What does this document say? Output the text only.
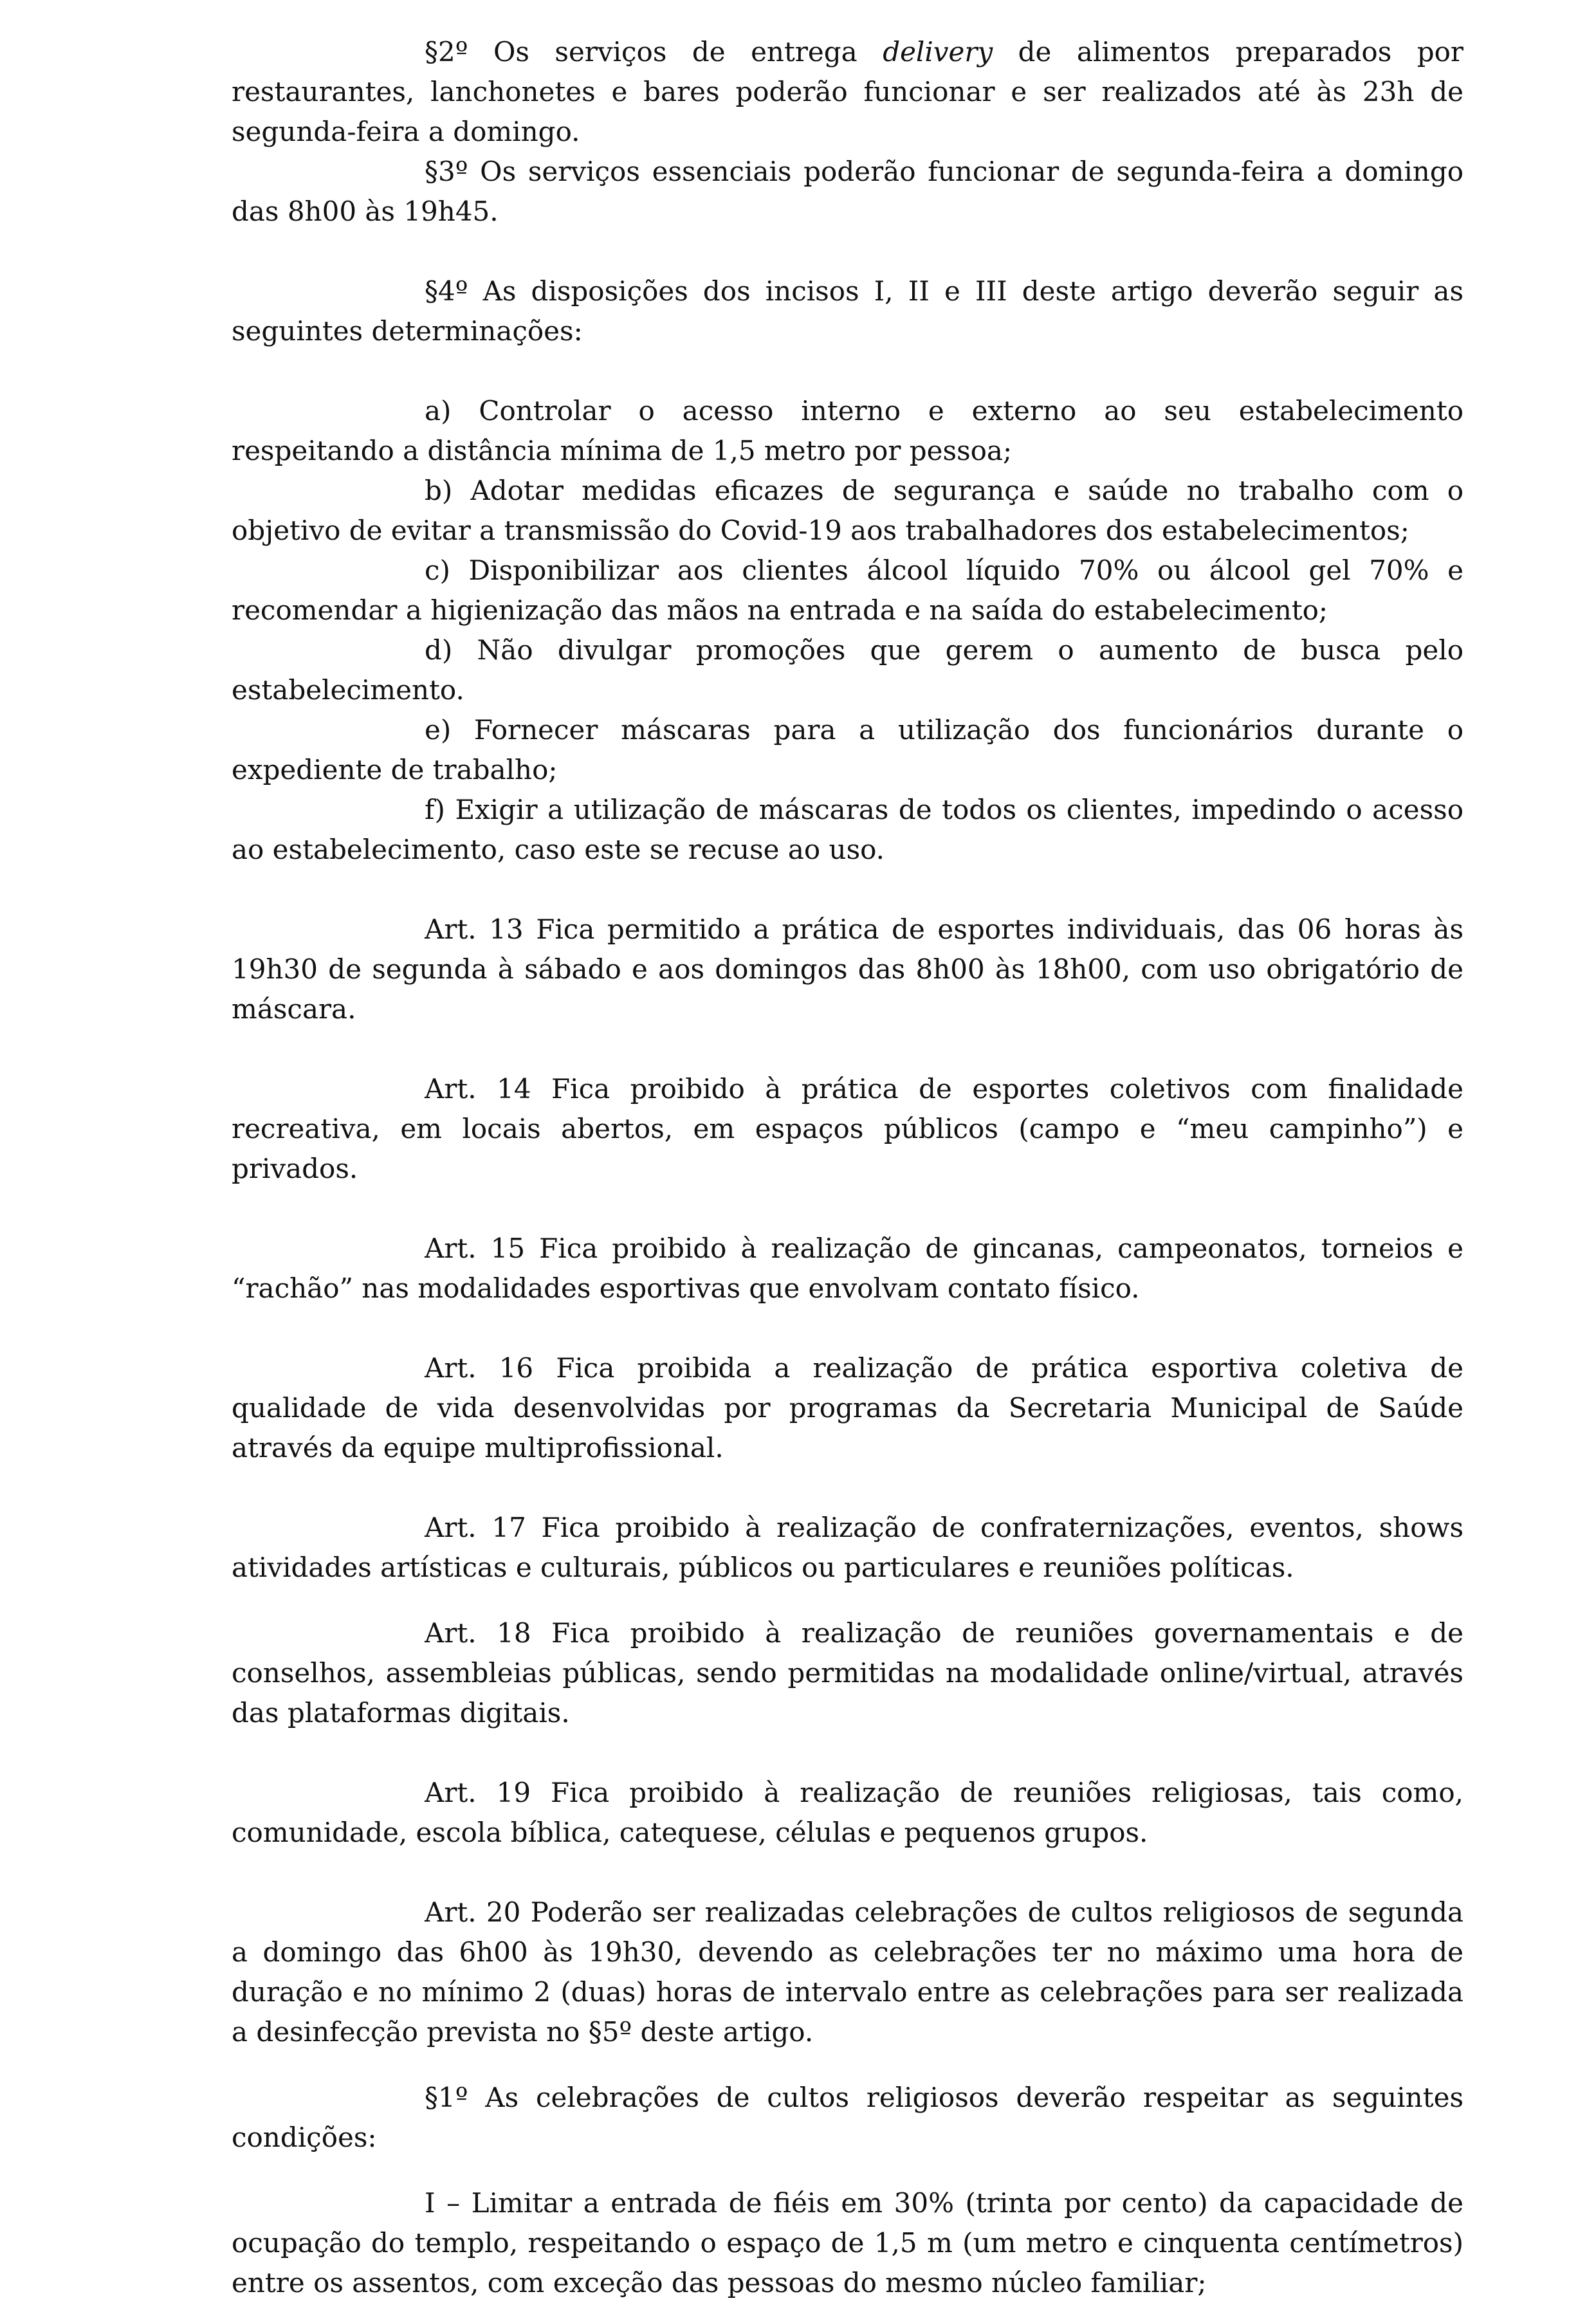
§2º Os serviços de entrega delivery de alimentos preparados por restaurantes, lanchonetes e bares poderão funcionar e ser realizados até às 23h de segunda-feira a domingo.

§3º Os serviços essenciais poderão funcionar de segunda-feira a domingo das 8h00 às 19h45.

§4º As disposições dos incisos I, II e III deste artigo deverão seguir as seguintes determinações:

a) Controlar o acesso interno e externo ao seu estabelecimento respeitando a distância mínima de 1,5 metro por pessoa;

b) Adotar medidas eficazes de segurança e saúde no trabalho com o objetivo de evitar a transmissão do Covid-19 aos trabalhadores dos estabelecimentos;

c) Disponibilizar aos clientes álcool líquido 70% ou álcool gel 70% e recomendar a higienização das mãos na entrada e na saída do estabelecimento;

d) Não divulgar promoções que gerem o aumento de busca pelo estabelecimento.

e) Fornecer máscaras para a utilização dos funcionários durante o expediente de trabalho;

f) Exigir a utilização de máscaras de todos os clientes, impedindo o acesso ao estabelecimento, caso este se recuse ao uso.

Art. 13 Fica permitido a prática de esportes individuais, das 06 horas às 19h30 de segunda à sábado e aos domingos das 8h00 às 18h00, com uso obrigatório de máscara.

Art. 14 Fica proibido à prática de esportes coletivos com finalidade recreativa, em locais abertos, em espaços públicos (campo e “meu campinho”) e privados.

Art. 15 Fica proibido à realização de gincanas, campeonatos, torneios e “rachão” nas modalidades esportivas que envolvam contato físico.

Art. 16 Fica proibida a realização de prática esportiva coletiva de qualidade de vida desenvolvidas por programas da Secretaria Municipal de Saúde através da equipe multiprofissional.

Art. 17 Fica proibido à realização de confraternizações, eventos, shows atividades artísticas e culturais, públicos ou particulares e reuniões políticas.

Art. 18 Fica proibido à realização de reuniões governamentais e de conselhos, assembleias públicas, sendo permitidas na modalidade online/virtual, através das plataformas digitais.

Art. 19 Fica proibido à realização de reuniões religiosas, tais como, comunidade, escola bíblica, catequese, células e pequenos grupos.

Art. 20 Poderão ser realizadas celebrações de cultos religiosos de segunda a domingo das 6h00 às 19h30, devendo as celebrações ter no máximo uma hora de duração e no mínimo 2 (duas) horas de intervalo entre as celebrações para ser realizada a desinfecção prevista no §5º deste artigo.

§1º As celebrações de cultos religiosos deverão respeitar as seguintes condições:

I – Limitar a entrada de fiéis em 30% (trinta por cento) da capacidade de ocupação do templo, respeitando o espaço de 1,5 m (um metro e cinquenta centímetros) entre os assentos, com exceção das pessoas do mesmo núcleo familiar;
